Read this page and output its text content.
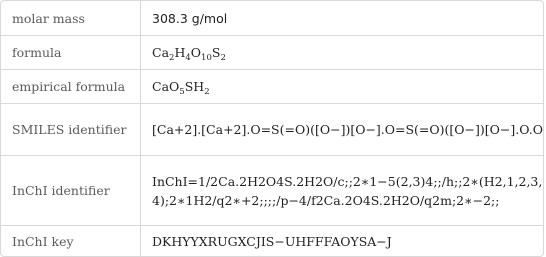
molar mass	308.3 g/mol
formula	$Ca_2H_4O_{10}S_2$
empirical formula	$CaO_5SH_2$
SMILES identifier	[Ca+2].[Ca+2].O=S(=O)([O−])[O−].O=S(=O)([O−])[O−].O.O
InChI identifier	InChI=1/2Ca.2H2O4S.2H2O/c;;2∗1−5(2,3)4;;/h;;2∗(H2,1,2,3,4);2∗1H2/q2∗+2;;;;/p−4/f2Ca.2O4S.2H2O/q2m;2∗−2;;
InChI key	DKHYYXRUGXCJIS−UHFFFAOYSA−J
